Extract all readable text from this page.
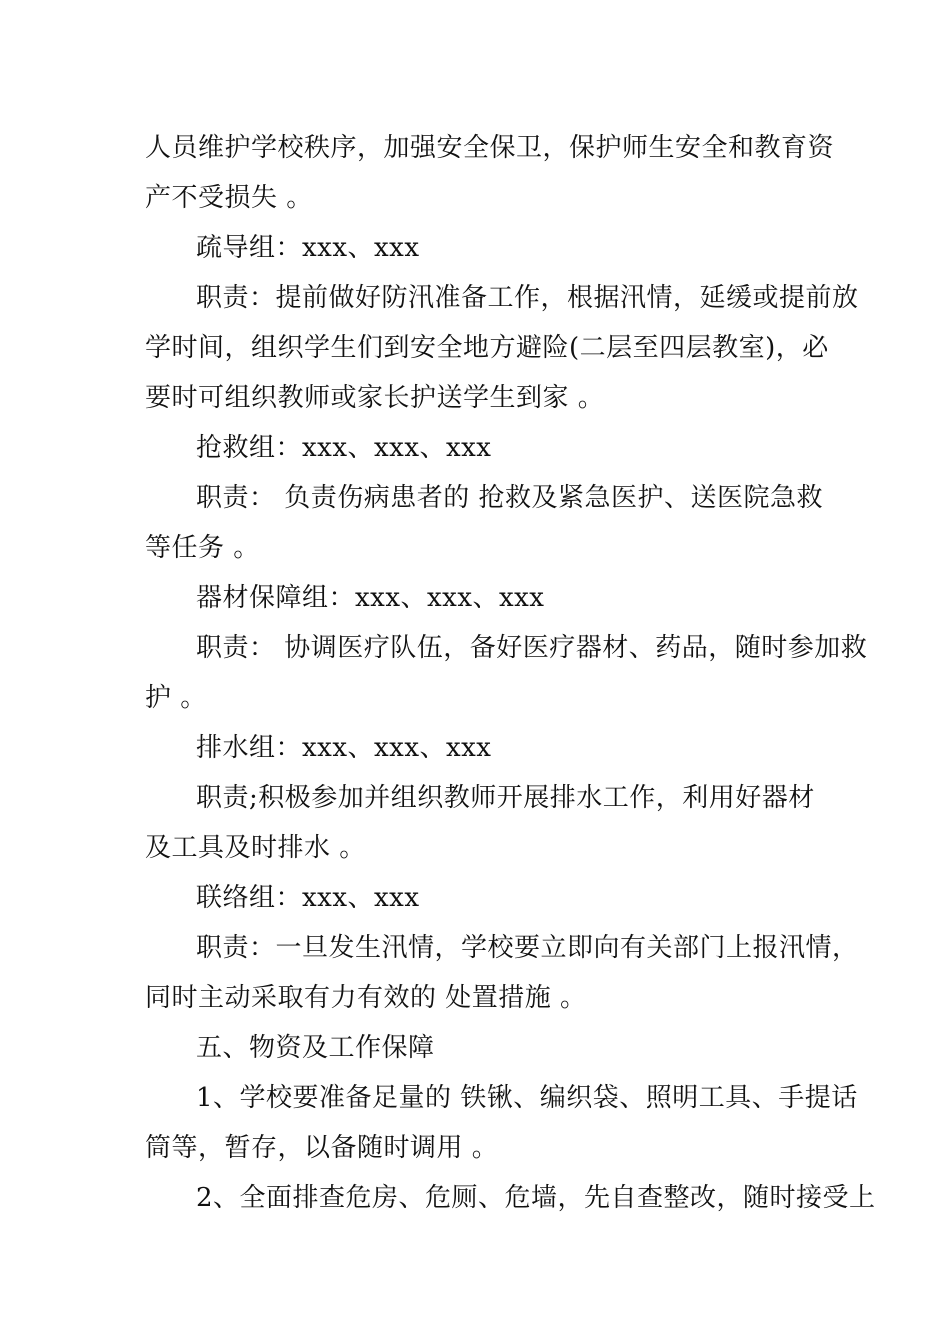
人员维护学校秩序，加强安全保卫，保护师生安全和教育资
产不受损失 。
疏导组：xxx、xxx
职责：提前做好防汛准备工作，根据汛情，延缓或提前放
学时间，组织学生们到安全地方避险(二层至四层教室)，必
要时可组织教师或家长护送学生到家 。
抢救组：xxx、xxx、xxx
职责： 负责伤病患者的 抢救及紧急医护、送医院急救
等任务 。
器材保障组：xxx、xxx、xxx
职责： 协调医疗队伍，备好医疗器材、药品，随时参加救
护 。
排水组：xxx、xxx、xxx
职责;积极参加并组织教师开展排水工作，利用好器材
及工具及时排水 。
联络组：xxx、xxx
职责：一旦发生汛情，学校要立即向有关部门上报汛情，
同时主动采取有力有效的 处置措施 。
五、物资及工作保障
1、学校要准备足量的 铁锹、编织袋、照明工具、手提话
筒等，暂存，以备随时调用 。
2、全面排查危房、危厕、危墙，先自查整改，随时接受上
